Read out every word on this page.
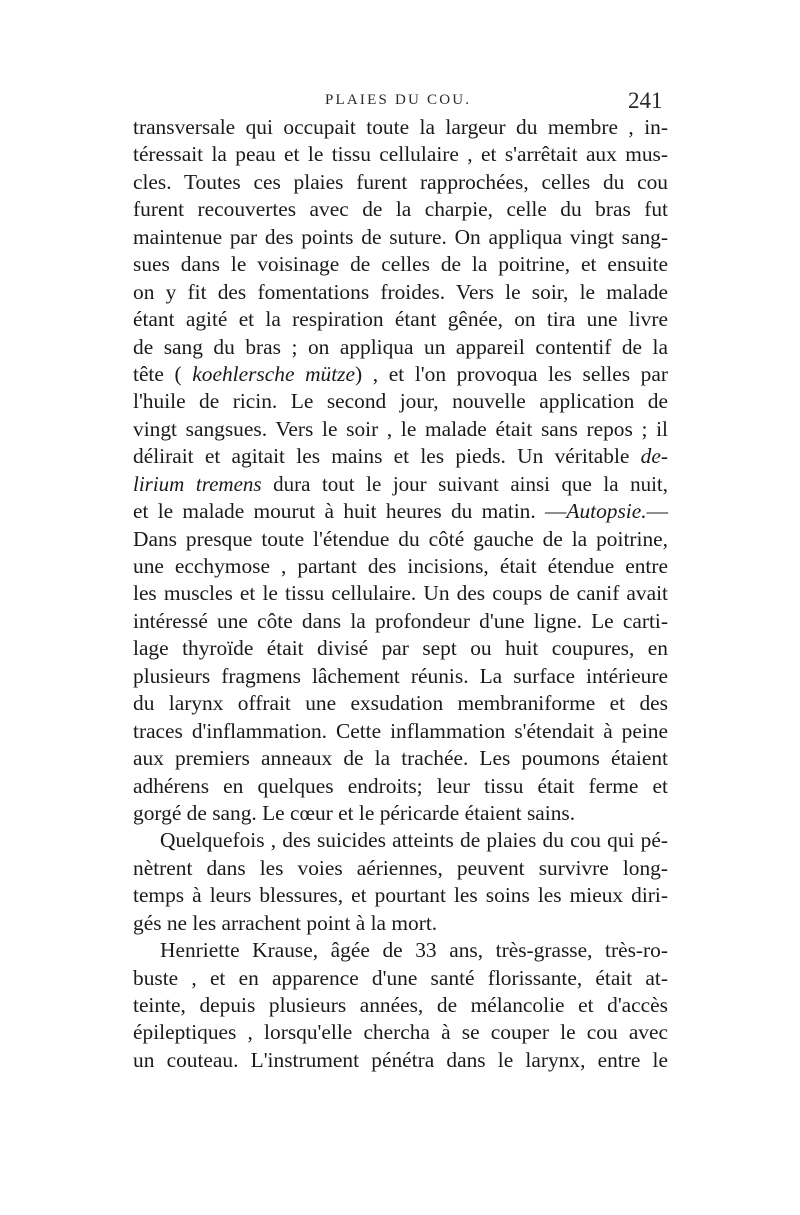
PLAIES DU COU.	241
transversale qui occupait toute la largeur du membre , in-
téressait la peau et le tissu cellulaire , et s'arrêtait aux mus-
cles. Toutes ces plaies furent rapprochées, celles du cou
furent recouvertes avec de la charpie, celle du bras fut
maintenue par des points de suture. On appliqua vingt sang-
sues dans le voisinage de celles de la poitrine, et ensuite
on y fit des fomentations froides. Vers le soir, le malade
étant agité et la respiration étant gênée, on tira une livre
de sang du bras ; on appliqua un appareil contentif de la
tête ( koehlersche mütze) , et l'on provoqua les selles par
l'huile de ricin. Le second jour, nouvelle application de
vingt sangsues. Vers le soir , le malade était sans repos ; il
délirait et agitait les mains et les pieds. Un véritable de-
lirium tremens dura tout le jour suivant ainsi que la nuit,
et le malade mourut à huit heures du matin. —Autopsie.—
Dans presque toute l'étendue du côté gauche de la poitrine,
une ecchymose , partant des incisions, était étendue entre
les muscles et le tissu cellulaire. Un des coups de canif avait
intéressé une côte dans la profondeur d'une ligne. Le carti-
lage thyroïde était divisé par sept ou huit coupures, en
plusieurs fragmens lâchement réunis. La surface intérieure
du larynx offrait une exsudation membraniforme et des
traces d'inflammation. Cette inflammation s'étendait à peine
aux premiers anneaux de la trachée. Les poumons étaient
adhérens en quelques endroits; leur tissu était ferme et
gorgé de sang. Le cœur et le péricarde étaient sains.
Quelquefois , des suicides atteints de plaies du cou qui pé-
nètrent dans les voies aériennes, peuvent survivre long-
temps à leurs blessures, et pourtant les soins les mieux diri-
gés ne les arrachent point à la mort.
Henriette Krause, âgée de 33 ans, très-grasse, très-ro-
buste , et en apparence d'une santé florissante, était at-
teinte, depuis plusieurs années, de mélancolie et d'accès
épileptiques , lorsqu'elle chercha à se couper le cou avec
un couteau. L'instrument pénétra dans le larynx, entre le
